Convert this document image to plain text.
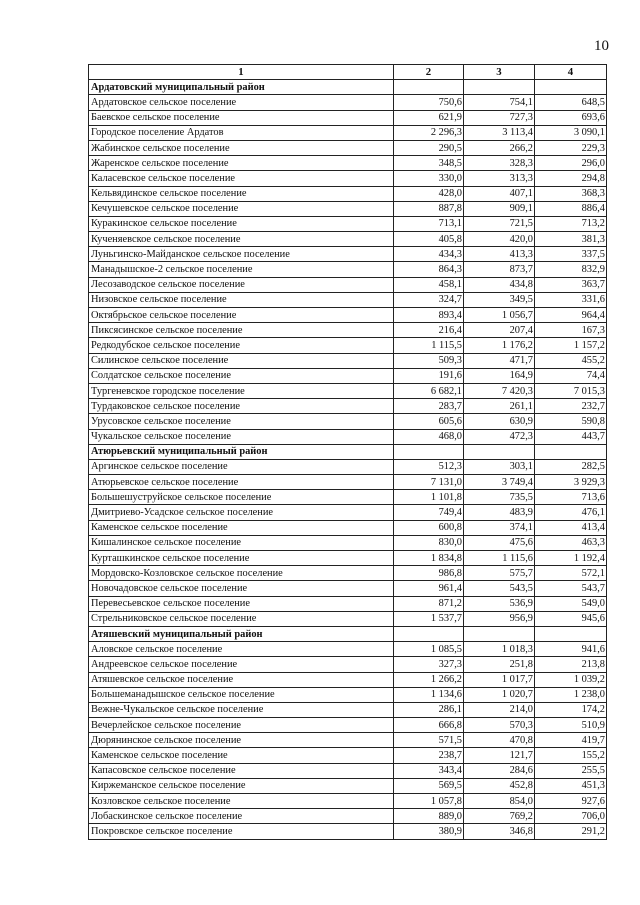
10
1	2	3	4
Ардатовский муниципальный район			
Ардатовское сельское поселение	750,6	754,1	648,5
Баевское сельское поселение	621,9	727,3	693,6
Городское поселение Ардатов	2 296,3	3 113,4	3 090,1
Жабинское сельское поселение	290,5	266,2	229,3
Жаренское сельское поселение	348,5	328,3	296,0
Каласевское сельское поселение	330,0	313,3	294,8
Кельвядинское сельское поселение	428,0	407,1	368,3
Кечушевское сельское поселение	887,8	909,1	886,4
Куракинское сельское поселение	713,1	721,5	713,2
Кученяевское сельское поселение	405,8	420,0	381,3
Луньгинско-Майданское сельское поселение	434,3	413,3	337,5
Манадышское-2 сельское поселение	864,3	873,7	832,9
Лесозаводское сельское поселение	458,1	434,8	363,7
Низовское сельское поселение	324,7	349,5	331,6
Октябрьское сельское поселение	893,4	1 056,7	964,4
Пиксясинское сельское поселение	216,4	207,4	167,3
Редкодубское сельское поселение	1 115,5	1 176,2	1 157,2
Силинское сельское поселение	509,3	471,7	455,2
Солдатское сельское поселение	191,6	164,9	74,4
Тургеневское городское поселение	6 682,1	7 420,3	7 015,3
Турдаковское сельское поселение	283,7	261,1	232,7
Урусовское сельское поселение	605,6	630,9	590,8
Чукальское сельское поселение	468,0	472,3	443,7
Атюрьевский муниципальный район			
Аргинское сельское поселение	512,3	303,1	282,5
Атюрьевское сельское поселение	7 131,0	3 749,4	3 929,3
Большешуструйское сельское поселение	1 101,8	735,5	713,6
Дмитриево-Усадское сельское поселение	749,4	483,9	476,1
Каменское сельское поселение	600,8	374,1	413,4
Кишалинское сельское поселение	830,0	475,6	463,3
Курташкинское сельское поселение	1 834,8	1 115,6	1 192,4
Мордовско-Козловское сельское поселение	986,8	575,7	572,1
Новочадовское сельское поселение	961,4	543,5	543,7
Перевесьевское сельское поселение	871,2	536,9	549,0
Стрельниковское сельское поселение	1 537,7	956,9	945,6
Атяшевский муниципальный район			
Аловское сельское поселение	1 085,5	1 018,3	941,6
Андреевское сельское поселение	327,3	251,8	213,8
Атяшевское сельское поселение	1 266,2	1 017,7	1 039,2
Большеманадышское сельское поселение	1 134,6	1 020,7	1 238,0
Вежне-Чукальское сельское поселение	286,1	214,0	174,2
Вечерлейское сельское поселение	666,8	570,3	510,9
Дюрянинское сельское поселение	571,5	470,8	419,7
Каменское сельское поселение	238,7	121,7	155,2
Капасовское сельское поселение	343,4	284,6	255,5
Киржеманское сельское поселение	569,5	452,8	451,3
Козловское сельское поселение	1 057,8	854,0	927,6
Лобаскинское сельское поселение	889,0	769,2	706,0
Покровское сельское поселение	380,9	346,8	291,2
